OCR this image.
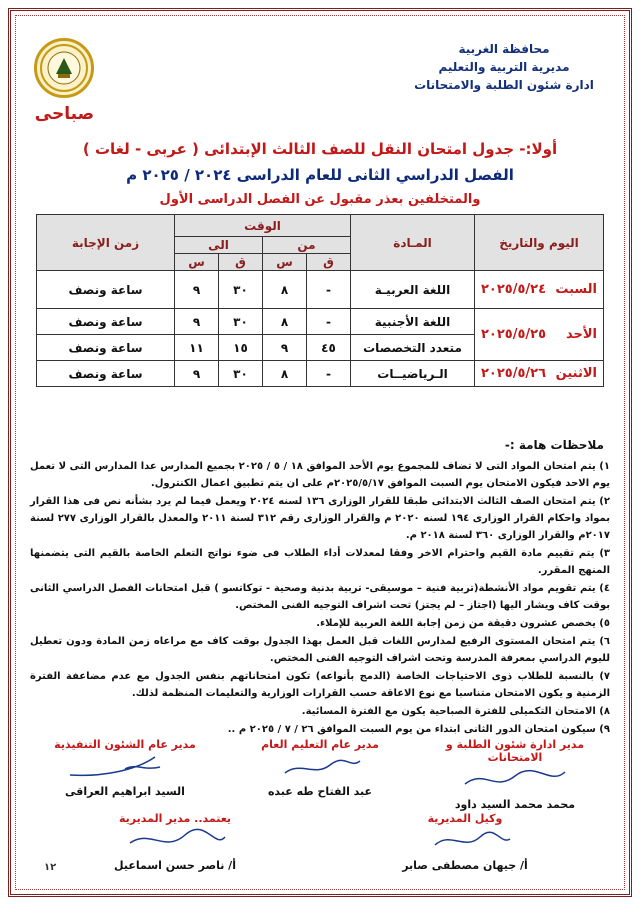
محافظة الغربية
مديرية التربية والتعليم
ادارة شئون الطلبة والامتحانات
صباحى
أولا:- جدول امتحان النقل للصف الثالث الإبتدائى ( عربى - لغات )
الفصل الدراسي الثانى للعام الدراسى ٢٠٢٤ / ٢٠٢٥ م
والمتخلفين بعذر مقبول عن الفصل الدراسى الأول
اليوم والتاريخ		المـادة	الوقت				زمن الإجابة
			من		الى		
			ق	س	ق	س	
السبت	٢٠٢٥/٥/٢٤	اللغة العربيـة	-	٨	٣٠	٩	ساعة ونصف
الأحد	٢٠٢٥/٥/٢٥	اللغة الأجنبية	-	٨	٣٠	٩	ساعة ونصف
		متعدد التخصصات	٤٥	٩	١٥	١١	ساعة ونصف
الاثنين	٢٠٢٥/٥/٢٦	الـرياضيــات	-	٨	٣٠	٩	ساعة ونصف
ملاحظات هامة :-

١) يتم امتحان المواد التى لا تضاف للمجموع يوم الأحد الموافق ١٨ / ٥ / ٢٠٢٥ بجميع المدارس عدا المدارس التى لا تعمل يوم الاحد فيكون الامتحان يوم السبت الموافق ٢٠٢٥/٥/١٧م على ان يتم تطبيق اعمال الكنترول.

٢) يتم امتحان الصف الثالث الابتدائى طبقا للقرار الوزارى ١٣٦ لسنه ٢٠٢٤ ويعمل فيما لم يرد بشأنه نص فى هذا القرار بمواد واحكام القرار الوزارى ١٩٤ لسنه ٢٠٢٠ م والقرار الوزارى رقم ٣١٢ لسنة ٢٠١١ والمعدل بالقرار الوزارى ٢٧٧ لسنة ٢٠١٧م والقرار الوزارى ٣٦٠ لسنة ٢٠١٨ م.

٣) يتم تقييم مادة القيم واحترام الاخر وفقا لمعدلات أداء الطلاب فى ضوء نواتج التعلم الخاصة بالقيم التى يتضمنها المنهج المقرر.

٤) يتم تقويم مواد الأنشطة(تربية فنية – موسيقى- تربية بدنية وصحية - توكاتسو ) قبل امتحانات الفصل الدراسي الثانى بوقت كاف ويشار اليها (اجتاز – لم يجتز) تحت اشراف التوجيه الفنى المختص.

٥) يخصص عشرون دقيقة من زمن إجابة اللغة العربية للإملاء.

٦) يتم امتحان المستوى الرفيع لمدارس اللغات قبل العمل بهذا الجدول بوقت كاف مع مراعاه زمن المادة ودون تعطيل لليوم الدراسي بمعرفة المدرسة وتحت اشراف التوجيه الفنى المختص.

٧) بالنسبة للطلاب ذوى الاحتياجات الخاصة (الدمج بأنواعه) تكون امتحاناتهم بنفس الجدول مع عدم مضاعفة الفترة الزمنية و يكون الامتحان متناسبا مع نوع الاعاقة حسب القرارات الوزارية والتعليمات المنظمة لذلك.

٨) الامتحان التكميلى للفترة الصباحية يكون مع الفترة المسائية.

٩) سيكون امتحان الدور الثانى ابتداء من يوم السبت الموافق ٢٦ / ٧ / ٢٠٢٥ م ..

مدير ادارة شئون الطلبة و الامتحانات
محمد محمد السيد داود
مدير عام التعليم العام
عبد الفتاح طه عبده
مدير عام الشئون التنفيذية
السيد ابراهيم العراقى
وكيل المديرية
أ/ جيهان مصطفى صابر
يعتمد.. مدير المديرية
أ/ ناصر حسن اسماعيل
١٢
